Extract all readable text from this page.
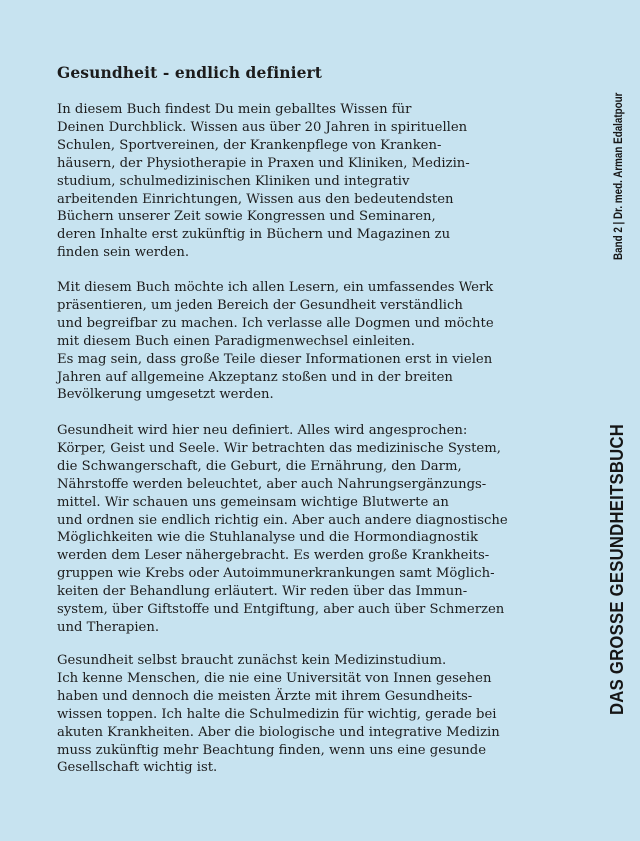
Gesundheit - endlich definiert
In diesem Buch findest Du mein geballtes Wissen für
Deinen Durchblick. Wissen aus über 20 Jahren in spirituellen
Schulen, Sportvereinen, der Krankenpflege von Kranken-
häusern, der Physiotherapie in Praxen und Kliniken, Medizin-
studium, schulmedizinischen Kliniken und integrativ
arbeitenden Einrichtungen, Wissen aus den bedeutendsten
Büchern unserer Zeit sowie Kongressen und Seminaren,
deren Inhalte erst zukünftig in Büchern und Magazinen zu
finden sein werden.
Mit diesem Buch möchte ich allen Lesern, ein umfassendes Werk
präsentieren, um jeden Bereich der Gesundheit verständlich
und begreifbar zu machen. Ich verlasse alle Dogmen und möchte
mit diesem Buch einen Paradigmenwechsel einleiten.
Es mag sein, dass große Teile dieser Informationen erst in vielen
Jahren auf allgemeine Akzeptanz stoßen und in der breiten
Bevölkerung umgesetzt werden.
Gesundheit wird hier neu definiert. Alles wird angesprochen:
Körper, Geist und Seele. Wir betrachten das medizinische System,
die Schwangerschaft, die Geburt, die Ernährung, den Darm,
Nährstoffe werden beleuchtet, aber auch Nahrungsergänzungs-
mittel. Wir schauen uns gemeinsam wichtige Blutwerte an
und ordnen sie endlich richtig ein. Aber auch andere diagnostische
Möglichkeiten wie die Stuhlanalyse und die Hormondiagnostik
werden dem Leser nähergebracht. Es werden große Krankheits-
gruppen wie Krebs oder Autoimmunerkrankungen samt Möglich-
keiten der Behandlung erläutert. Wir reden über das Immun-
system, über Giftstoffe und Entgiftung, aber auch über Schmerzen
und Therapien.
Gesundheit selbst braucht zunächst kein Medizinstudium.
Ich kenne Menschen, die nie eine Universität von Innen gesehen
haben und dennoch die meisten Ärzte mit ihrem Gesundheits-
wissen toppen. Ich halte die Schulmedizin für wichtig, gerade bei
akuten Krankheiten. Aber die biologische und integrative Medizin
muss zukünftig mehr Beachtung finden, wenn uns eine gesunde
Gesellschaft wichtig ist.
DAS GROSSE GESUNDHEITSBUCH
Band 2 | Dr. med. Arman Edalatpour
